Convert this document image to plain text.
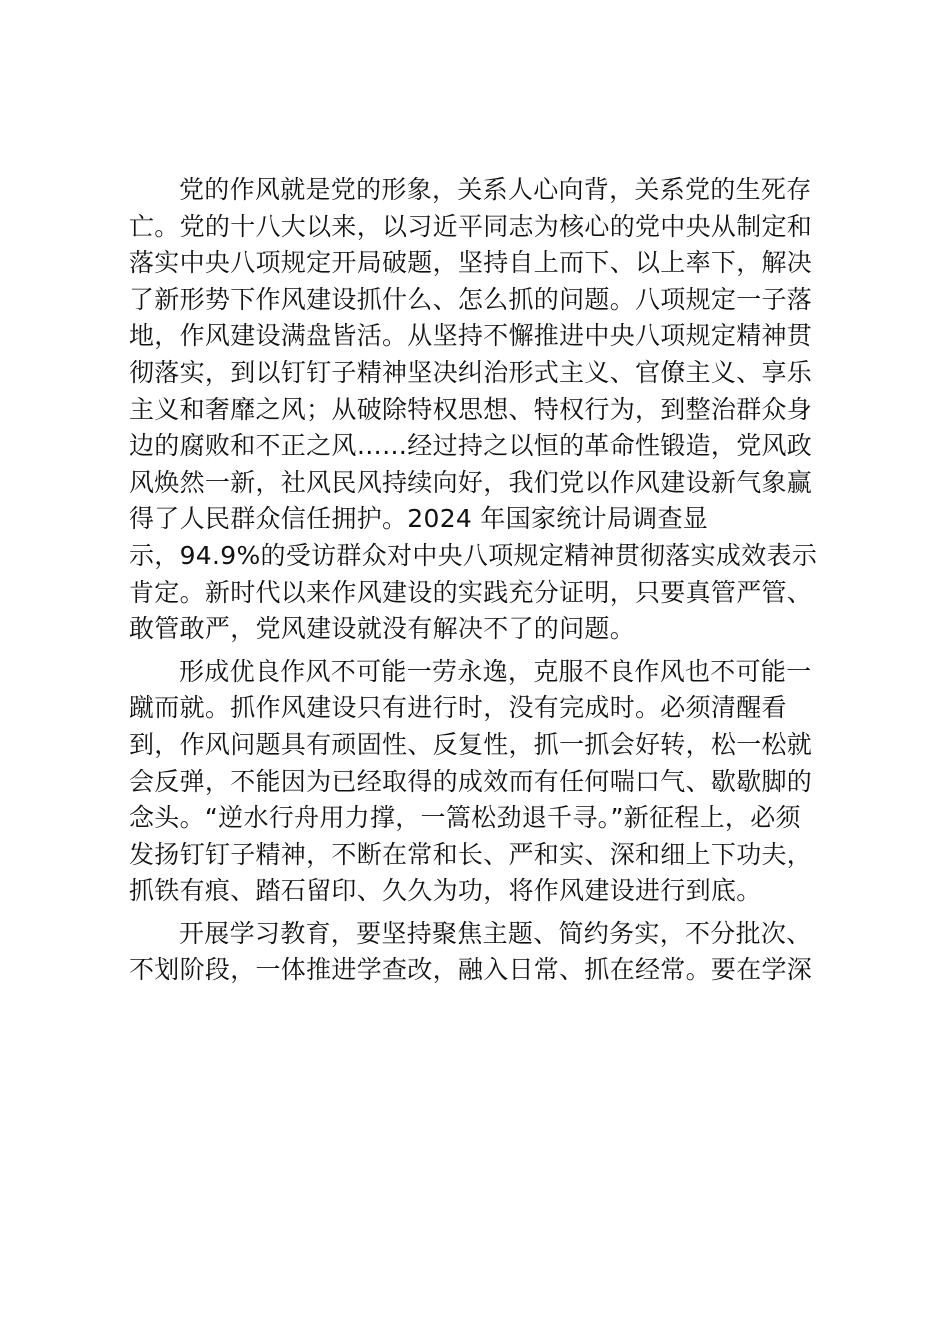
党的作风就是党的形象，关系人心向背，关系党的生死存
亡。党的十八大以来，以习近平同志为核心的党中央从制定和
落实中央八项规定开局破题，坚持自上而下、以上率下，解决
了新形势下作风建设抓什么、怎么抓的问题。八项规定一子落
地，作风建设满盘皆活。从坚持不懈推进中央八项规定精神贯
彻落实，到以钉钉子精神坚决纠治形式主义、官僚主义、享乐
主义和奢靡之风；从破除特权思想、特权行为，到整治群众身
边的腐败和不正之风……经过持之以恒的革命性锻造，党风政
风焕然一新，社风民风持续向好，我们党以作风建设新气象赢
得了人民群众信任拥护。2024 年国家统计局调查显
示，94.9%的受访群众对中央八项规定精神贯彻落实成效表示
肯定。新时代以来作风建设的实践充分证明，只要真管严管、
敢管敢严，党风建设就没有解决不了的问题。
形成优良作风不可能一劳永逸，克服不良作风也不可能一
蹴而就。抓作风建设只有进行时，没有完成时。必须清醒看
到，作风问题具有顽固性、反复性，抓一抓会好转，松一松就
会反弹，不能因为已经取得的成效而有任何喘口气、歇歇脚的
念头。“逆水行舟用力撑，一篙松劲退千寻。”新征程上，必须
发扬钉钉子精神，不断在常和长、严和实、深和细上下功夫，
抓铁有痕、踏石留印、久久为功，将作风建设进行到底。
开展学习教育，要坚持聚焦主题、简约务实，不分批次、
不划阶段，一体推进学查改，融入日常、抓在经常。要在学深
